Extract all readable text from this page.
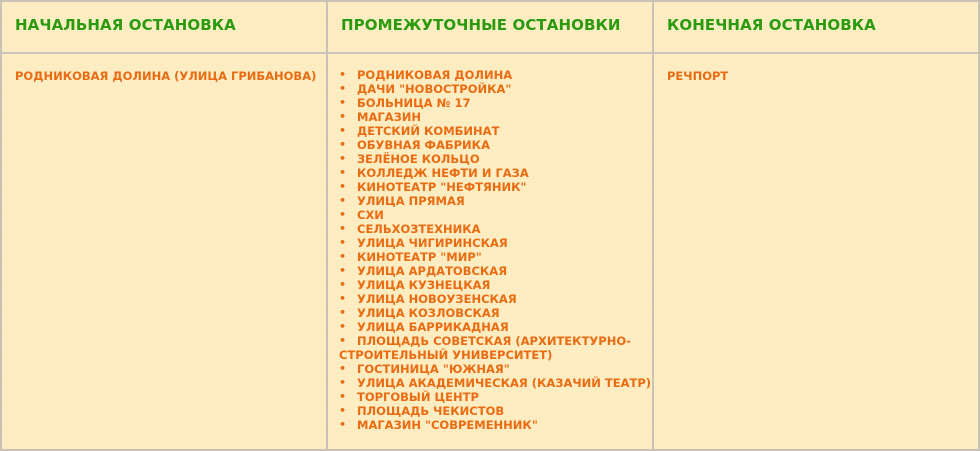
НАЧАЛЬНАЯ ОСТАНОВКА	ПРОМЕЖУТОЧНЫЕ ОСТАНОВКИ	КОНЕЧНАЯ ОСТАНОВКА
РОДНИКОВАЯ ДОЛИНА (УЛИЦА ГРИБАНОВА)
•	РОДНИКОВАЯ ДОЛИНА
• ДАЧИ "НОВОСТРОЙКА"
• БОЛЬНИЦА № 17
• МАГАЗИН
• ДЕТСКИЙ КОМБИНАТ
• ОБУВНАЯ ФАБРИКА
• ЗЕЛЁНОЕ КОЛЬЦО
• КОЛЛЕДЖ НЕФТИ И ГАЗА
• КИНОТЕАТР "НЕФТЯНИК"
• УЛИЦА ПРЯМАЯ
• СХИ
• СЕЛЬХОЗТЕХНИКА
• УЛИЦА ЧИГИРИНСКАЯ
• КИНОТЕАТР "МИР"
• УЛИЦА АРДАТОВСКАЯ
• УЛИЦА КУЗНЕЦКАЯ
• УЛИЦА НОВОУЗЕНСКАЯ
• УЛИЦА КОЗЛОВСКАЯ
• УЛИЦА БАРРИКАДНАЯ
• ПЛОЩАДЬ СОВЕТСКАЯ (АРХИТЕКТУРНО-
СТРОИТЕЛЬНЫЙ УНИВЕРСИТЕТ)
• ГОСТИНИЦА "ЮЖНАЯ"
• УЛИЦА АКАДЕМИЧЕСКАЯ (КАЗАЧИЙ ТЕАТР)
• ТОРГОВЫЙ ЦЕНТР
• ПЛОЩАДЬ ЧЕКИСТОВ
• МАГАЗИН "СОВРЕМЕННИК"
РЕЧПОРТ
